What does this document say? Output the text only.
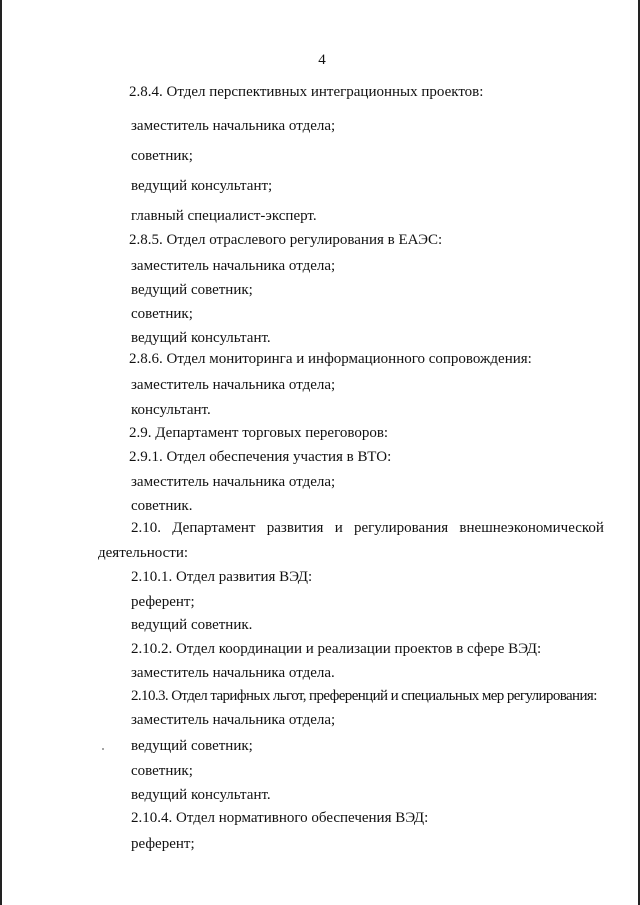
4
2.8.4. Отдел перспективных интеграционных проектов:
заместитель начальника отдела;
советник;
ведущий консультант;
главный специалист-эксперт.
2.8.5. Отдел отраслевого регулирования в ЕАЭС:
заместитель начальника отдела;
ведущий советник;
советник;
ведущий консультант.
2.8.6. Отдел мониторинга и информационного сопровождения:
заместитель начальника отдела;
консультант.
2.9. Департамент торговых переговоров:
2.9.1. Отдел обеспечения участия в ВТО:
заместитель начальника отдела;
советник.
2.10. Департамент развития и регулирования внешнеэкономической
деятельности:
2.10.1. Отдел развития ВЭД:
референт;
ведущий советник.
2.10.2. Отдел координации и реализации проектов в сфере ВЭД:
заместитель начальника отдела.
2.10.3. Отдел тарифных льгот, преференций и специальных мер регулирования:
заместитель начальника отдела;
ведущий советник;
советник;
ведущий консультант.
2.10.4. Отдел нормативного обеспечения ВЭД:
референт;
